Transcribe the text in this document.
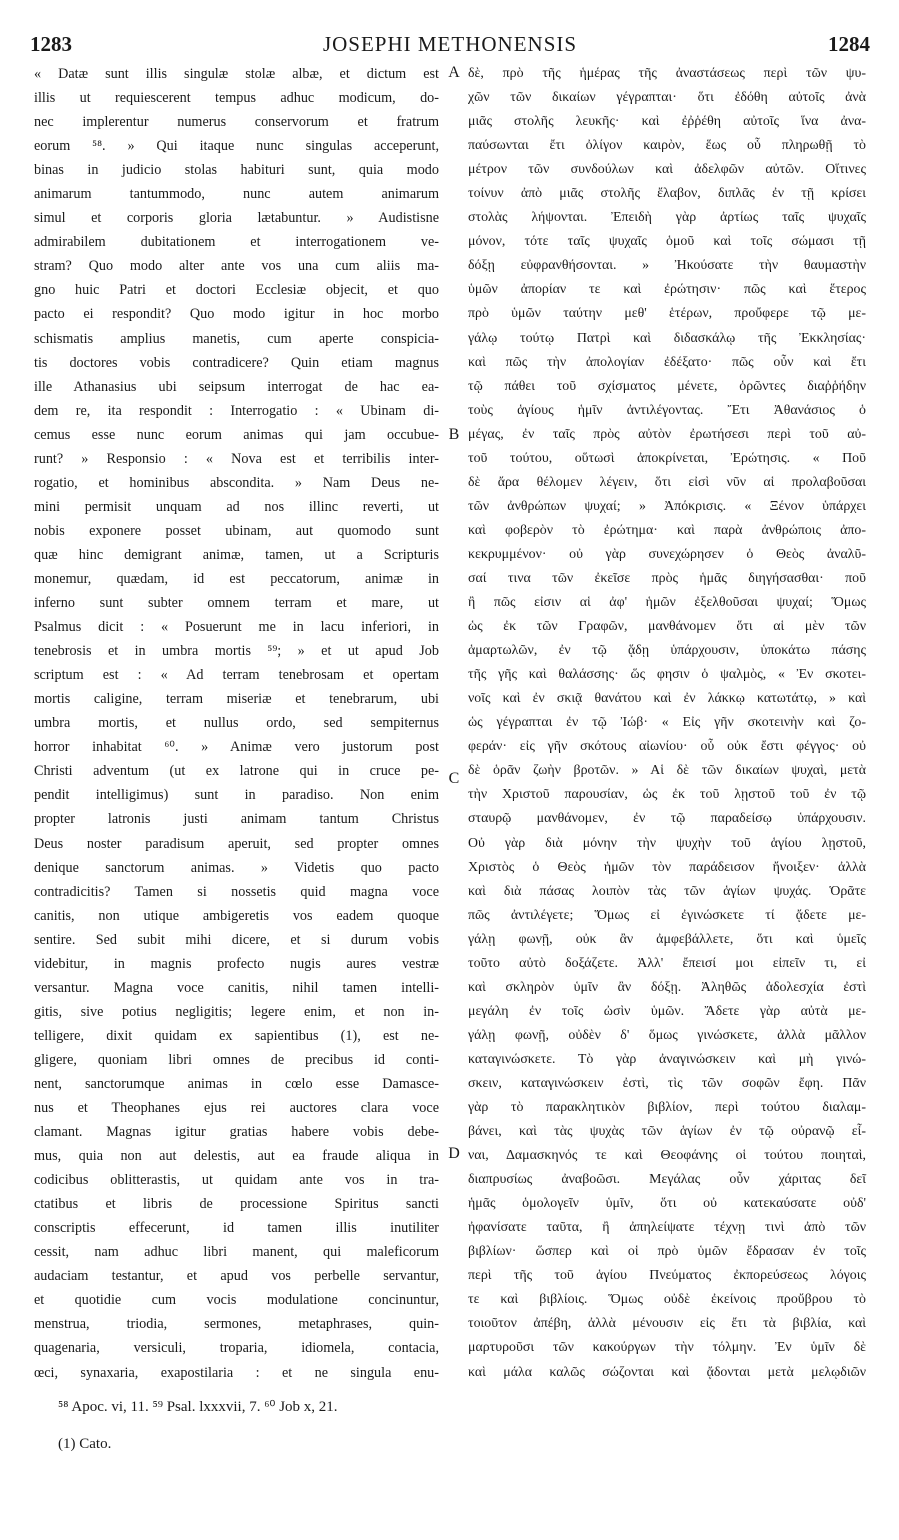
1283	JOSEPHI METHONENSIS	1284
« Datæ sunt illis singulæ stolæ albæ, et dictum est
illis ut requiescerent tempus adhuc modicum, do-
nec implerentur numerus conservorum et fratrum
eorum ⁵⁸. » Qui itaque nunc singulas acceperunt,
binas in judicio stolas habituri sunt, quia modo
animarum tantummodo, nunc autem animarum
simul et corporis gloria lætabuntur. » Audistisne
admirabilem dubitationem et interrogationem ve-
stram? Quo modo alter ante vos una cum aliis ma-
gno huic Patri et doctori Ecclesiæ objecit, et quo
pacto ei respondit? Quo modo igitur in hoc morbo
schismatis amplius manetis, cum aperte conspicia-
tis doctores vobis contradicere? Quin etiam magnus
ille Athanasius ubi seipsum interrogat de hac ea-
dem re, ita respondit : Interrogatio : « Ubinam di-
cemus esse nunc eorum animas qui jam occubue-
runt? » Responsio : « Nova est et terribilis inter-
rogatio, et hominibus abscondita. » Nam Deus ne-
mini permisit unquam ad nos illinc reverti, ut
nobis exponere posset ubinam, aut quomodo sunt
quæ hinc demigrant animæ, tamen, ut a Scripturis
monemur, quædam, id est peccatorum, animæ in
inferno sunt subter omnem terram et mare, ut
Psalmus dicit : « Posuerunt me in lacu inferiori, in
tenebrosis et in umbra mortis ⁵⁹; » et ut apud Job
scriptum est : « Ad terram tenebrosam et opertam
mortis caligine, terram miseriæ et tenebrarum, ubi
umbra mortis, et nullus ordo, sed sempiternus
horror inhabitat ⁶⁰. » Animæ vero justorum post
Christi adventum (ut ex latrone qui in cruce pe-
pendit intelligimus) sunt in paradiso. Non enim
propter latronis justi animam tantum Christus
Deus noster paradisum aperuit, sed propter omnes
denique sanctorum animas. » Videtis quo pacto
contradicitis? Tamen si nossetis quid magna voce
canitis, non utique ambigeretis vos eadem quoque
sentire. Sed subit mihi dicere, et si durum vobis
videbitur, in magnis profecto nugis aures vestræ
versantur. Magna voce canitis, nihil tamen intelli-
gitis, sive potius negligitis; legere enim, et non in-
telligere, dixit quidam ex sapientibus (1), est ne-
gligere, quoniam libri omnes de precibus id conti-
nent, sanctorumque animas in cœlo esse Damasce-
nus et Theophanes ejus rei auctores clara voce
clamant. Magnas igitur gratias habere vobis debe-
mus, quia non aut delestis, aut ea fraude aliqua in
codicibus oblitterastis, ut quidam ante vos in tra-
ctatibus et libris de processione Spiritus sancti
conscriptis effecerunt, id tamen illis inutiliter
cessit, nam adhuc libri manent, qui maleficorum
audaciam testantur, et apud vos perbelle servantur,
et quotidie cum vocis modulatione concinuntur,
menstrua, triodia, sermones, metaphrases, quin-
quagenaria, versiculi, troparia, idiomela, contacia,
œci, synaxaria, exapostilaria : et ne singula enu-
A
B
C
D
δὲ, πρὸ τῆς ἡμέρας τῆς ἀναστάσεως περὶ τῶν ψυ-
χῶν τῶν δικαίων γέγραπται· ὅτι ἐδόθη αὐτοῖς ἀνὰ
μιᾶς στολῆς λευκῆς· καὶ ἐῤῥέθη αὐτοῖς ἵνα ἀνα-
παύσωνται ἔτι ὀλίγον καιρὸν, ἕως οὗ πληρωθῇ τὸ
μέτρον τῶν συνδούλων καὶ ἀδελφῶν αὐτῶν. Οἵτινες
τοίνυν ἀπὸ μιᾶς στολῆς ἔλαβον, διπλᾶς ἐν τῇ κρίσει
στολὰς λήψονται. Ἐπειδὴ γὰρ ἀρτίως ταῖς ψυχαῖς
μόνον, τότε ταῖς ψυχαῖς ὁμοῦ καὶ τοῖς σώμασι τῇ
δόξῃ εὐφρανθήσονται. » Ἠκούσατε τὴν θαυμαστὴν
ὑμῶν ἀπορίαν τε καὶ ἐρώτησιν· πῶς καὶ ἕτερος
πρὸ ὑμῶν ταύτην μεθ' ἑτέρων, προὔφερε τῷ με-
γάλῳ τούτῳ Πατρὶ καὶ διδασκάλῳ τῆς Ἐκκλησίας·
καὶ πῶς τὴν ἀπολογίαν ἐδέξατο· πῶς οὖν καὶ ἔτι
τῷ πάθει τοῦ σχίσματος μένετε, ὁρῶντες διαῤῥήδην
τοὺς ἁγίους ἡμῖν ἀντιλέγοντας. Ἔτι Ἀθανάσιος ὁ
μέγας, ἐν ταῖς πρὸς αὐτὸν ἐρωτήσεσι περὶ τοῦ αὐ-
τοῦ τούτου, οὕτωσὶ ἀποκρίνεται, Ἐρώτησις. « Ποῦ
δὲ ἄρα θέλομεν λέγειν, ὅτι εἰσὶ νῦν αἱ προλαβοῦσαι
τῶν ἀνθρώπων ψυχαί; » Ἀπόκρισις. « Ξένον ὑπάρχει
καὶ φοβερὸν τὸ ἐρώτημα· καὶ παρὰ ἀνθρώποις ἀπο-
κεκρυμμένον· οὐ γὰρ συνεχώρησεν ὁ Θεὸς ἀναλῦ-
σαί τινα τῶν ἐκεῖσε πρὸς ἡμᾶς διηγήσασθαι· ποῦ
ἢ πῶς εἰσιν αἱ ἀφ' ἡμῶν ἐξελθοῦσαι ψυχαί; Ὅμως
ὡς ἐκ τῶν Γραφῶν, μανθάνομεν ὅτι αἱ μὲν τῶν
ἁμαρτωλῶν, ἐν τῷ ᾅδῃ ὑπάρχουσιν, ὑποκάτω πάσης
τῆς γῆς καὶ θαλάσσης· ὥς φησιν ὁ ψαλμὸς, « Ἐν σκοτει-
νοῖς καὶ ἐν σκιᾷ θανάτου καὶ ἐν λάκκῳ κατωτάτῳ, » καὶ
ὡς γέγραπται ἐν τῷ Ἰώβ· « Εἰς γῆν σκοτεινὴν καὶ ζο-
φεράν· εἰς γῆν σκότους αἰωνίου· οὗ οὐκ ἔστι φέγγος· οὐ
δὲ ὁρᾶν ζωὴν βροτῶν. » Αἱ δὲ τῶν δικαίων ψυχαὶ, μετὰ
τὴν Χριστοῦ παρουσίαν, ὡς ἐκ τοῦ λῃστοῦ τοῦ ἐν τῷ
σταυρῷ μανθάνομεν, ἐν τῷ παραδείσῳ ὑπάρχουσιν.
Οὐ γὰρ διὰ μόνην τὴν ψυχὴν τοῦ ἁγίου λῃστοῦ,
Χριστὸς ὁ Θεὸς ἡμῶν τὸν παράδεισον ἤνοιξεν· ἀλλὰ
καὶ διὰ πάσας λοιπὸν τὰς τῶν ἁγίων ψυχάς. Ὁρᾶτε
πῶς ἀντιλέγετε; Ὅμως εἰ ἐγινώσκετε τί ᾄδετε με-
γάλῃ φωνῇ, οὐκ ἂν ἀμφεβάλλετε, ὅτι καὶ ὑμεῖς
τοῦτο αὐτὸ δοξάζετε. Ἀλλ' ἔπεισί μοι εἰπεῖν τι, εἰ
καὶ σκληρὸν ὑμῖν ἂν δόξῃ. Ἀληθῶς ἀδολεσχία ἐστὶ
μεγάλη ἐν τοῖς ὠσὶν ὑμῶν. Ἄδετε γὰρ αὐτὰ με-
γάλῃ φωνῇ, οὐδὲν δ' ὅμως γινώσκετε, ἀλλὰ μᾶλλον
καταγινώσκετε. Τὸ γὰρ ἀναγινώσκειν καὶ μὴ γινώ-
σκειν, καταγινώσκειν ἐστὶ, τὶς τῶν σοφῶν ἔφη. Πᾶν
γὰρ τὸ παρακλητικὸν βιβλίον, περὶ τούτου διαλαμ-
βάνει, καὶ τὰς ψυχὰς τῶν ἁγίων ἐν τῷ οὐρανῷ εἶ-
ναι, Δαμασκηνός τε καὶ Θεοφάνης οἱ τούτου ποιηταὶ,
διαπρυσίως ἀναβοῶσι. Μεγάλας οὖν χάριτας δεῖ
ἡμᾶς ὁμολογεῖν ὑμῖν, ὅτι οὐ κατεκαύσατε οὐδ'
ἠφανίσατε ταῦτα, ἢ ἀπηλείψατε τέχνῃ τινὶ ἀπὸ τῶν
βιβλίων· ὥσπερ καὶ οἱ πρὸ ὑμῶν ἔδρασαν ἐν τοῖς
περὶ τῆς τοῦ ἁγίου Πνεύματος ἐκπορεύσεως λόγοις
τε καὶ βιβλίοις. Ὅμως οὐδὲ ἐκείνοις προὔβρου τὸ
τοιοῦτον ἀπέβη, ἀλλὰ μένουσιν εἰς ἔτι τὰ βιβλία, καὶ
μαρτυροῦσι τῶν κακούργων τὴν τόλμην. Ἐν ὑμῖν δὲ
καὶ μάλα καλῶς σώζονται καὶ ᾄδονται μετὰ μελῳδιῶν
⁵⁸ Apoc. vi, 11. ⁵⁹ Psal. lxxxvii, 7. ⁶⁰ Job x, 21.
(1) Cato.
